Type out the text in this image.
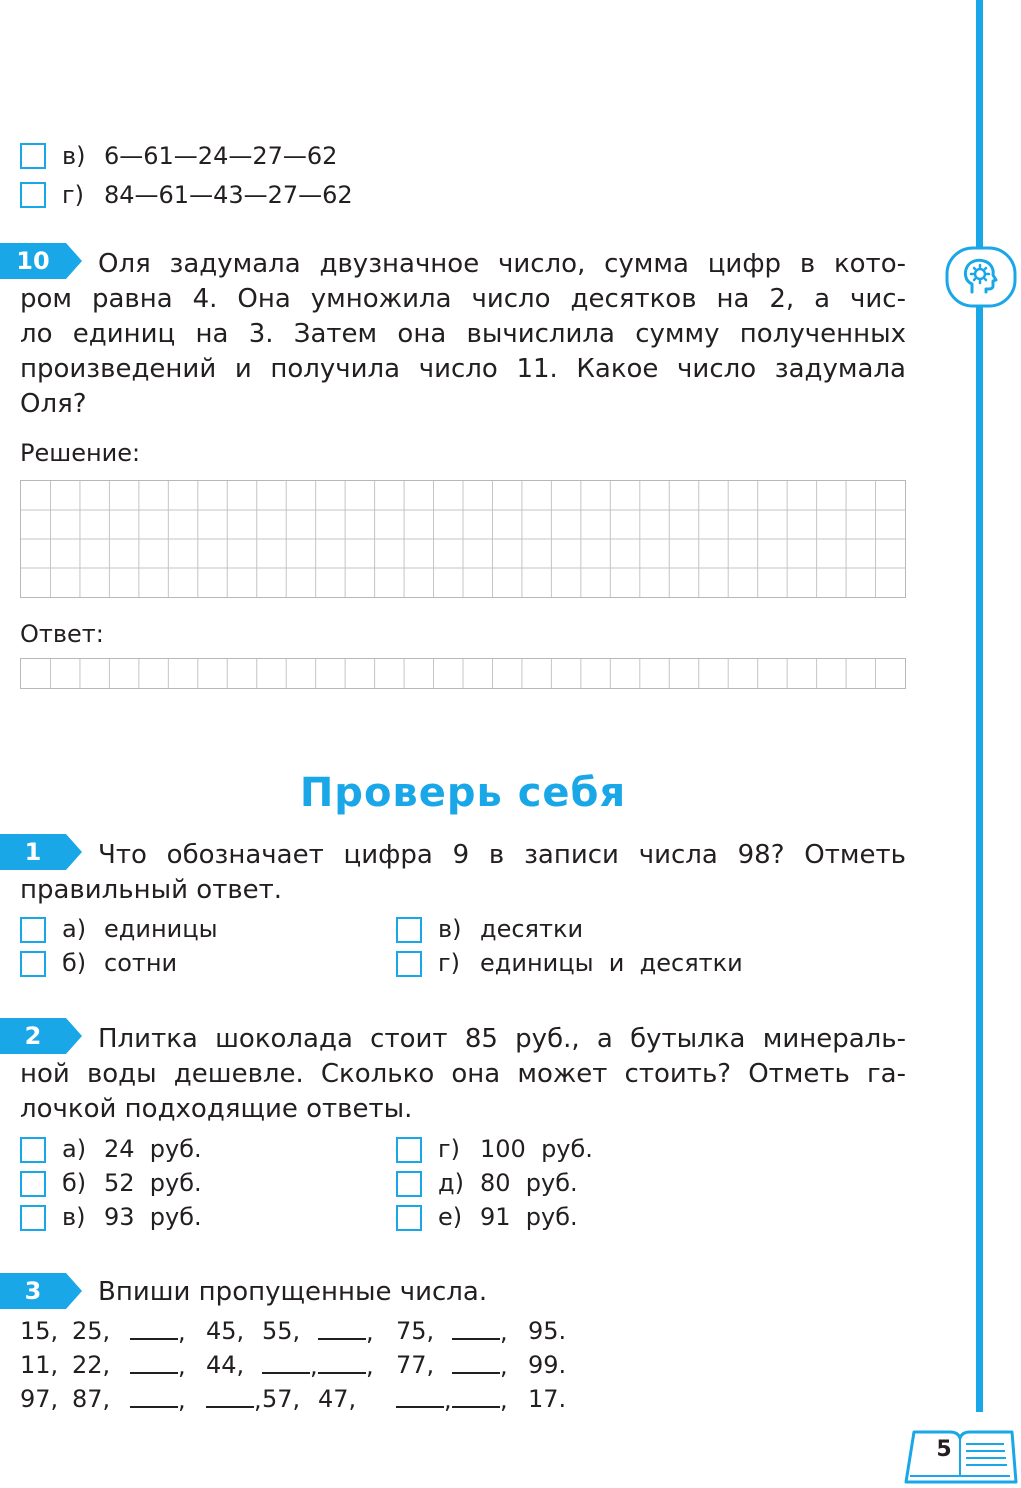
в) 6—61—24—27—62
г) 84—61—43—27—62
10	Оля задумала двузначное число, сумма цифр в кото-
ром равна 4. Она умножила число десятков на 2, а чис-
ло единиц на 3. Затем она вычислила сумму полученных
произведений и получила число 11. Какое число задумала
Оля?
Решение:
Ответ:
Проверь себя
1	Что обозначает цифра 9 в записи числа 98? Отметь
правильный ответ.
а) единицы
б) сотни
в) десятки
г) единицы  и  десятки
2	Плитка шоколада стоит 85 руб., а бутылка минераль-
ной воды дешевле. Сколько она может стоить? Отметь га-
лочкой подходящие ответы.
а) 24  руб.
б) 52  руб.
в) 93  руб.
г) 100  руб.
д) 80  руб.
е) 91  руб.
3	Впиши пропущенные числа.
15, 25,	, 45, 55,	, 75,	, 95.
11, 22,	, 44,	,	, 77,	, 99.
97, 87,	,	, 57, 47,	,	, 17.
5
